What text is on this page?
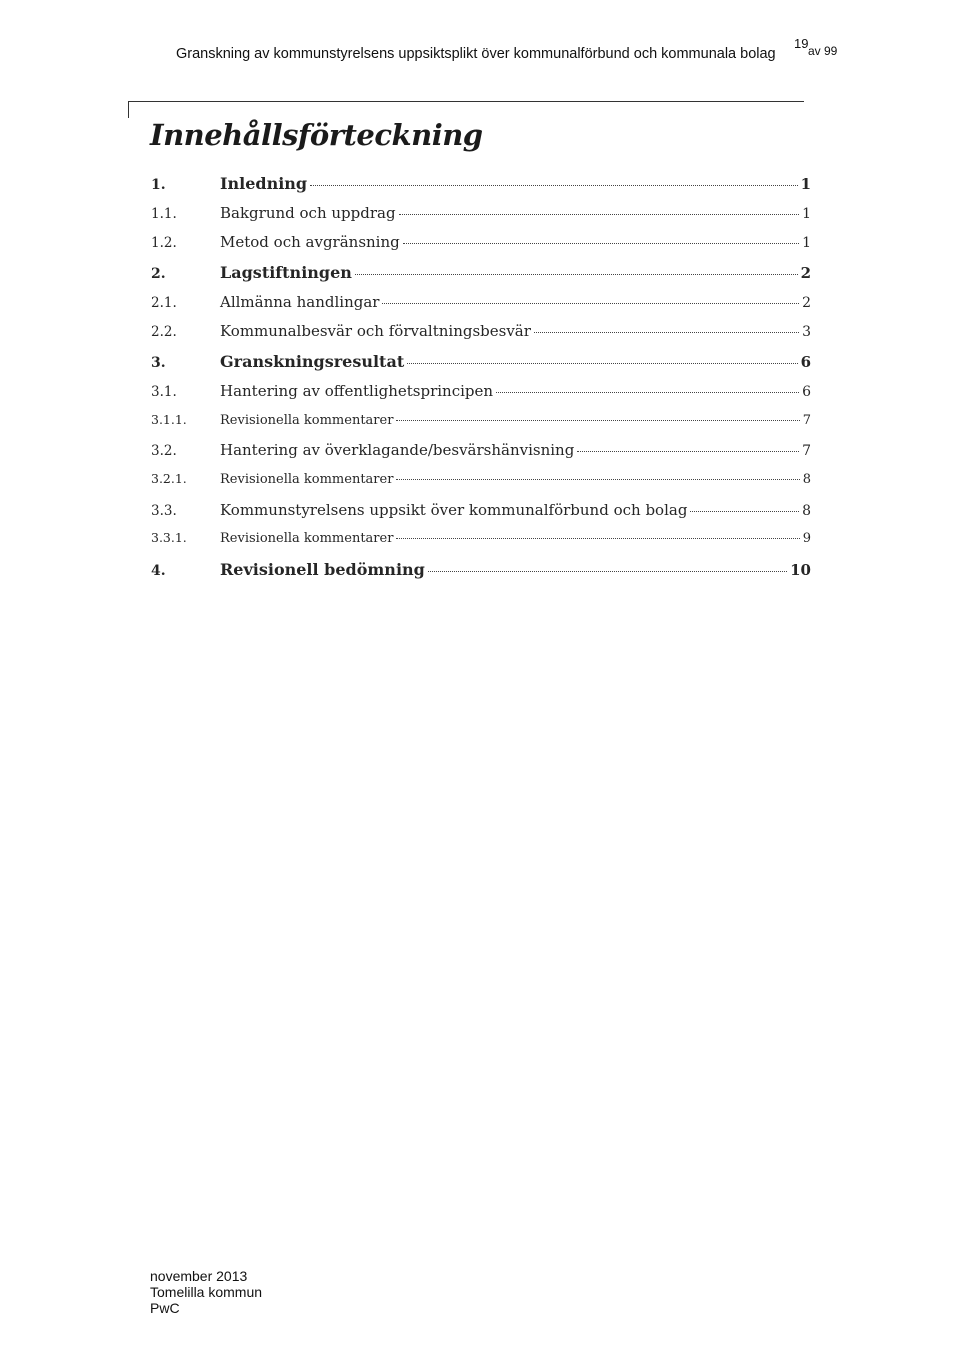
Granskning av kommunstyrelsens uppsiktsplikt över kommunalförbund och kommunala bolag
19 av 99
Innehållsförteckning
1.	Inledning	1
1.1.	Bakgrund och uppdrag	1
1.2.	Metod och avgränsning	1
2.	Lagstiftningen	2
2.1.	Allmänna handlingar	2
2.2.	Kommunalbesvär och förvaltningsbesvär	3
3.	Granskningsresultat	6
3.1.	Hantering av offentlighetsprincipen	6
3.1.1.	Revisionella kommentarer	7
3.2.	Hantering av överklagande/besvärshänvisning	7
3.2.1.	Revisionella kommentarer	8
3.3.	Kommunstyrelsens uppsikt över kommunalförbund och bolag	8
3.3.1.	Revisionella kommentarer	9
4.	Revisionell bedömning	10
november 2013
Tomelilla kommun
PwC
